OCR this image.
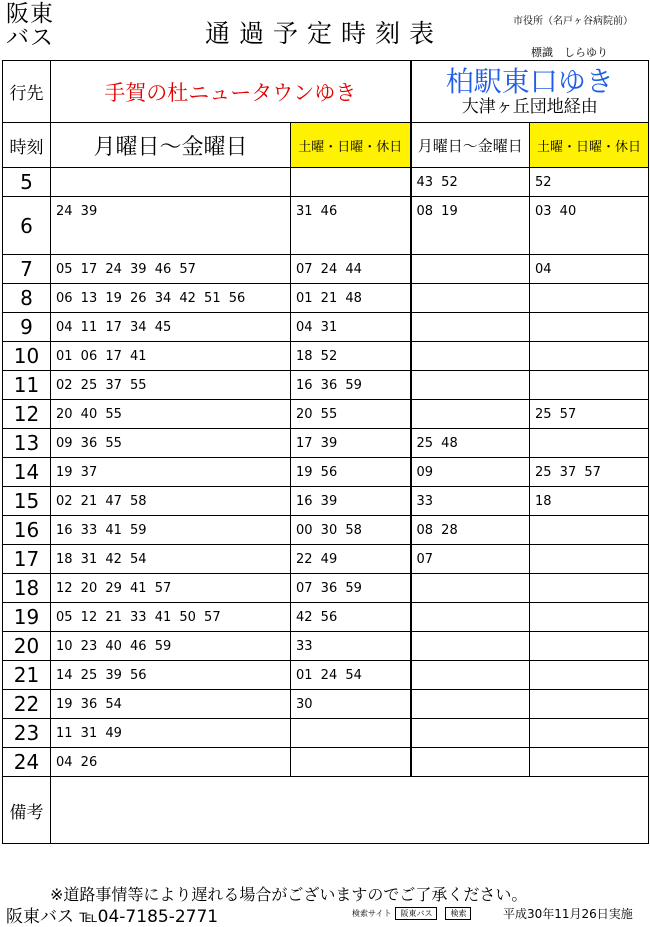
阪東
バス	通過予定時刻表	市役所（名戸ヶ谷病院前）
標識　しらゆり
行先	手賀の杜ニュータウンゆき		柏駅東口ゆき
大津ヶ丘団地経由	

時刻	月曜日～金曜日	土曜・日曜・休日	月曜日～金曜日	土曜・日曜・休日
5			43 52	52
6	24 39	31 46	08 19	03 40
7	05 17 24 39 46 57	07 24 44		04
8	06 13 19 26 34 42 51 56	01 21 48		
9	04 11 17 34 45	04 31		
10	01 06 17 41	18 52		
11	02 25 37 55	16 36 59		
12	20 40 55	20 55		25 57
13	09 36 55	17 39	25 48	
14	19 37	19 56	09	25 37 57
15	02 21 47 58	16 39	33	18
16	16 33 41 59	00 30 58	08 28	
17	18 31 42 54	22 49	07	
18	12 20 29 41 57	07 36 59		
19	05 12 21 33 41 50 57	42 56		
20	10 23 40 46 59	33		
21	14 25 39 56	01 24 54		
22	19 36 54	30		
23	11 31 49			
24	04 26			
備考				
※道路事情等により遅れる場合がございますのでご了承ください。
阪東バス ℡04-7185-2771	検索サイト 阪東バス 検索	平成30年11月26日実施
